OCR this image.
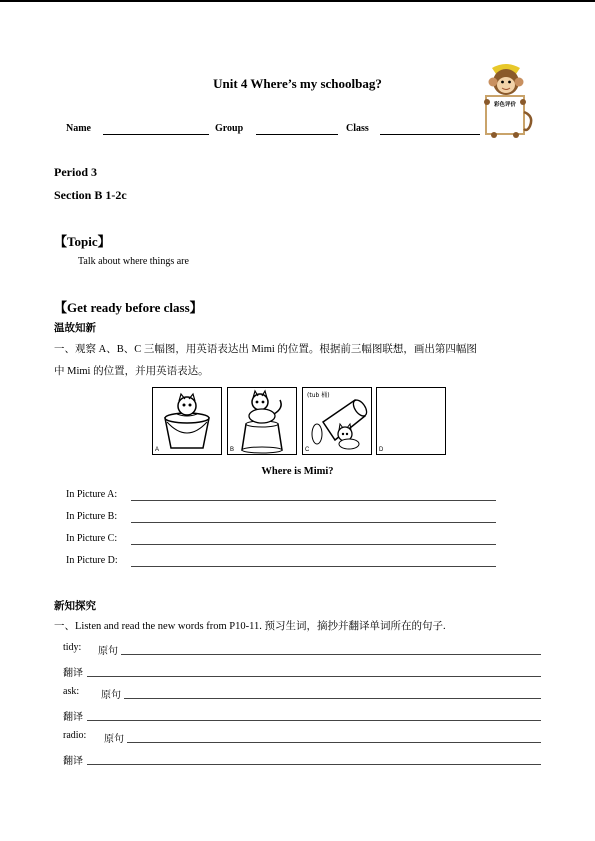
Unit 4 Where’s my schoolbag?
彩色评价
Name	Group	Class
Period 3
Section B 1-2c
【Topic】
Talk about where things are
【Get ready before class】
温故知新
一、观察 A、B、C 三幅图，用英语表达出 Mimi 的位置。根据前三幅图联想，画出第四幅图
中 Mimi 的位置，并用英语表达。
A	B
(tub 桶)
C	D
Where is Mimi?
In Picture A:
In Picture B:
In Picture C:
In Picture D:
新知探究
一、Listen and read the new words from P10-11. 预习生词，摘抄并翻译单词所在的句子.
tidy: 原句
翻译
ask: 原句
翻译
radio: 原句
翻译
